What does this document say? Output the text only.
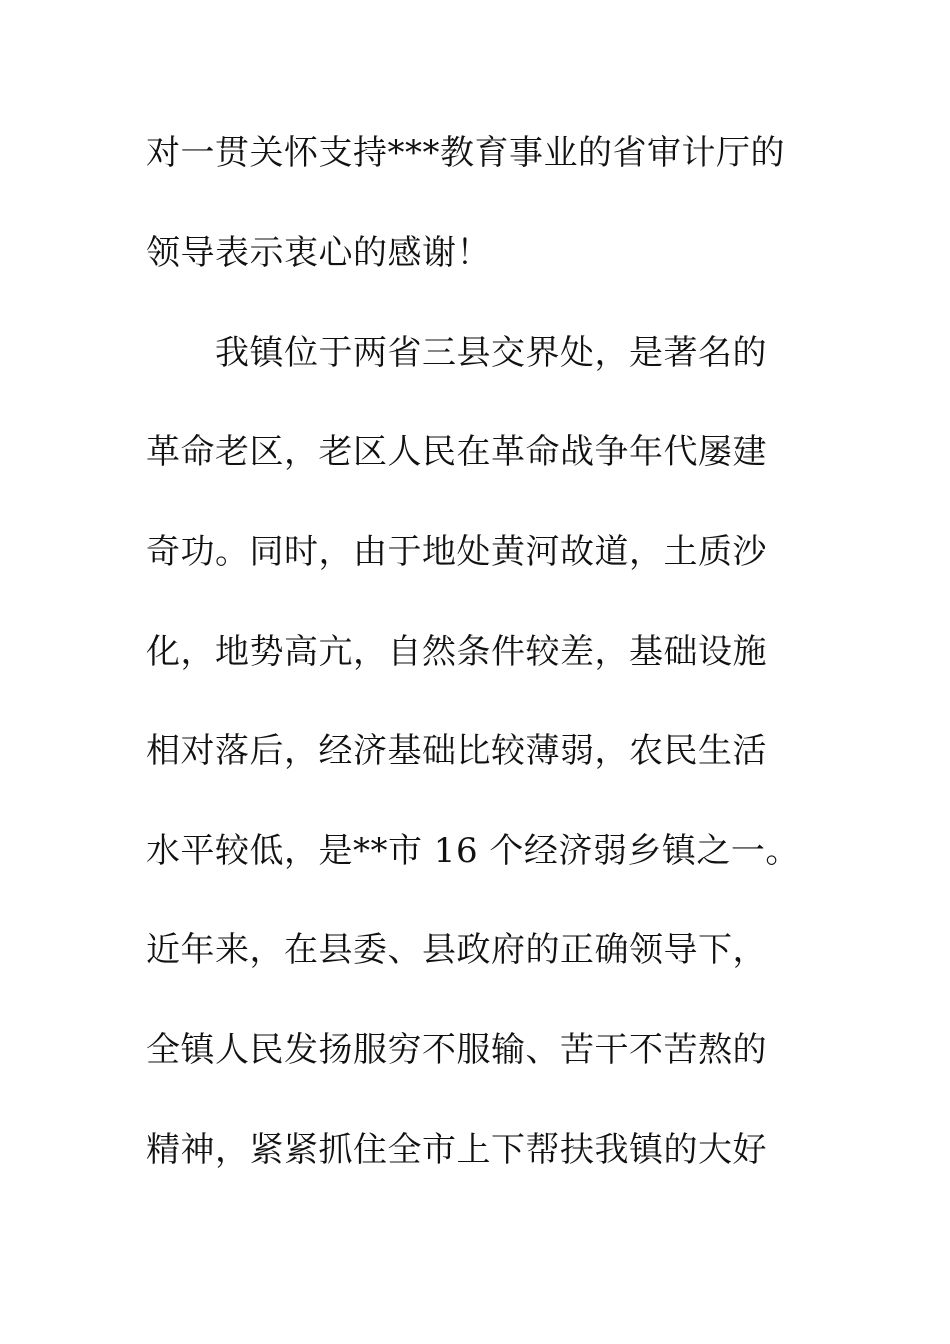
对一贯关怀支持***教育事业的省审计厅的
领导表示衷心的感谢！
我镇位于两省三县交界处，是著名的
革命老区，老区人民在革命战争年代屡建
奇功。同时，由于地处黄河故道，土质沙
化，地势高亢，自然条件较差，基础设施
相对落后，经济基础比较薄弱，农民生活
水平较低，是**市 16 个经济弱乡镇之一。
近年来，在县委、县政府的正确领导下，
全镇人民发扬服穷不服输、苦干不苦熬的
精神，紧紧抓住全市上下帮扶我镇的大好
